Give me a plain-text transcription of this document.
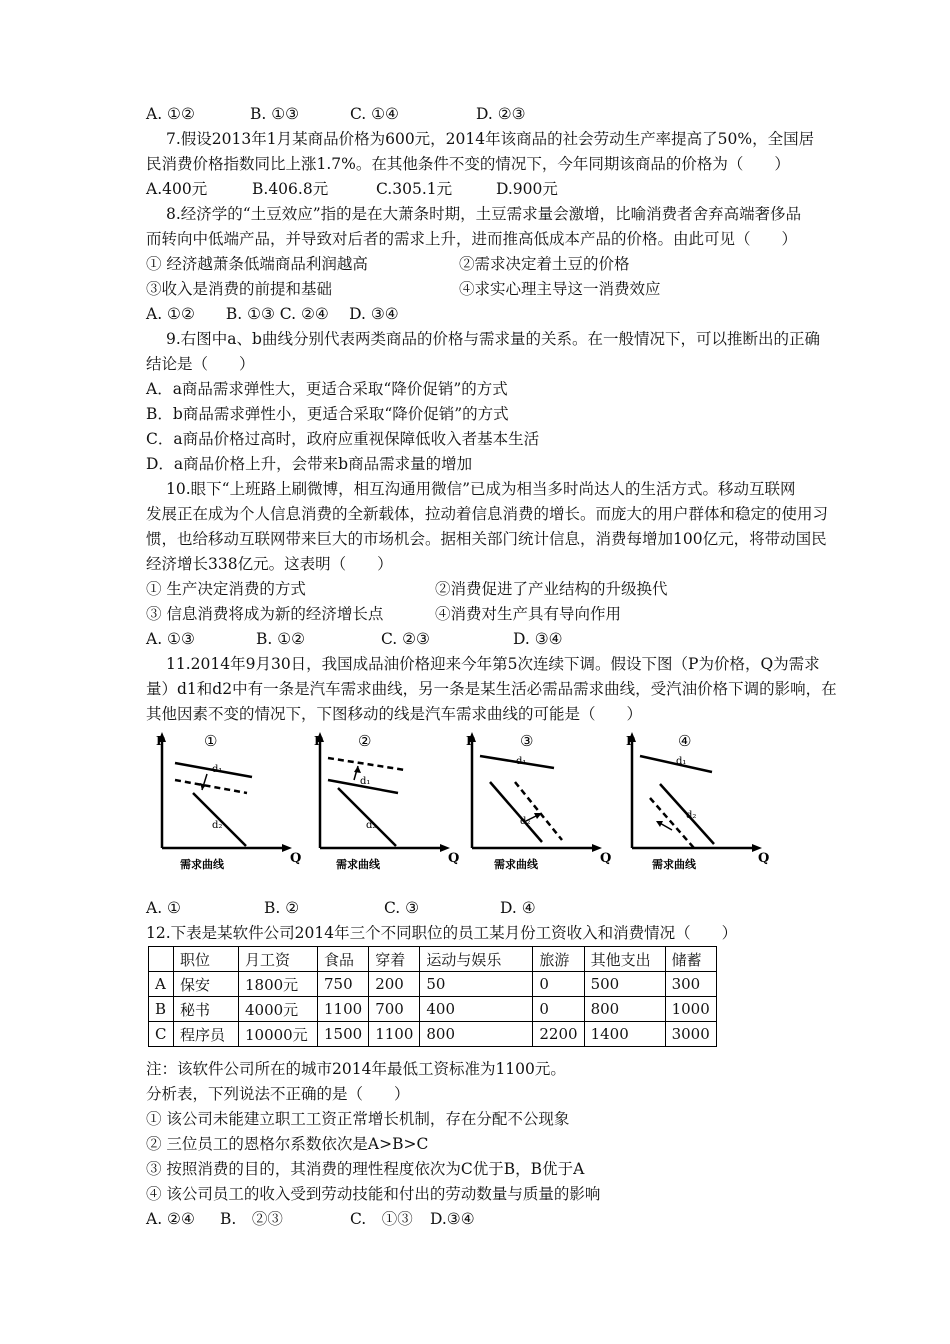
A. ①②	B. ①③	C. ①④	D. ②③
7.假设2013年1月某商品价格为600元，2014年该商品的社会劳动生产率提高了50%，全国居
民消费价格指数同比上涨1.7%。在其他条件不变的情况下，今年同期该商品的价格为（　　）
A.400元	B.406.8元	C.305.1元	D.900元
8.经济学的“土豆效应”指的是在大萧条时期，土豆需求量会激增，比喻消费者舍弃高端奢侈品
而转向中低端产品，并导致对后者的需求上升，进而推高低成本产品的价格。由此可见（　　）
① 经济越萧条低端商品利润越高	②需求决定着土豆的价格
③收入是消费的前提和基础	④求实心理主导这一消费效应
A. ①②　　B. ①③ C. ②④　 D. ③④
9.右图中a、b曲线分别代表两类商品的价格与需求量的关系。在一般情况下，可以推断出的正确
结论是（　　）
A．a商品需求弹性大，更适合采取“降价促销”的方式
B．b商品需求弹性小，更适合采取“降价促销”的方式
C．a商品价格过高时，政府应重视保障低收入者基本生活
D．a商品价格上升，会带来b商品需求量的增加
10.眼下“上班路上刷微博，相互沟通用微信”已成为相当多时尚达人的生活方式。移动互联网
发展正在成为个人信息消费的全新载体，拉动着信息消费的增长。而庞大的用户群体和稳定的使用习
惯，也给移动互联网带来巨大的市场机会。据相关部门统计信息，消费每增加100亿元，将带动国民
经济增长338亿元。这表明（　　）
① 生产决定消费的方式	②消费促进了产业结构的升级换代
③ 信息消费将成为新的经济增长点	④消费对生产具有导向作用
A. ①③	B. ①②	C. ②③	D. ③④
11.2014年9月30日，我国成品油价格迎来今年第5次连续下调。假设下图（P为价格，Q为需求
量）d1和d2中有一条是汽车需求曲线，另一条是某生活必需品需求曲线，受汽油价格下调的影响，在
其他因素不变的情况下，下图移动的线是汽车需求曲线的可能是（　　）
P
Q
①
d₁
d₂
需求曲线
P
Q
②
d₁
d₂
需求曲线
P
Q
③
d₁
d₂
需求曲线
P
Q
④
d₁
d₂
需求曲线
A. ①	B. ②	C. ③	D. ④
12.下表是某软件公司2014年三个不同职位的员工某月份工资收入和消费情况（　　）
	职位	月工资	食品	穿着	运动与娱乐	旅游	其他支出	储蓄
A	保安	1800元	750	200	50	0	500	300
B	秘书	4000元	1100	700	400	0	800	1000
C	程序员	10000元	1500	1100	800	2200	1400	3000
注：该软件公司所在的城市2014年最低工资标准为1100元。
分析表，下列说法不正确的是（　　）
① 该公司未能建立职工工资正常增长机制，存在分配不公现象
② 三位员工的恩格尔系数依次是A>B>C
③ 按照消费的目的，其消费的理性程度依次为C优于B，B优于A
④ 该公司员工的收入受到劳动技能和付出的劳动数量与质量的影响
A. ②④ B.　②③	C.　①③ D.③④
